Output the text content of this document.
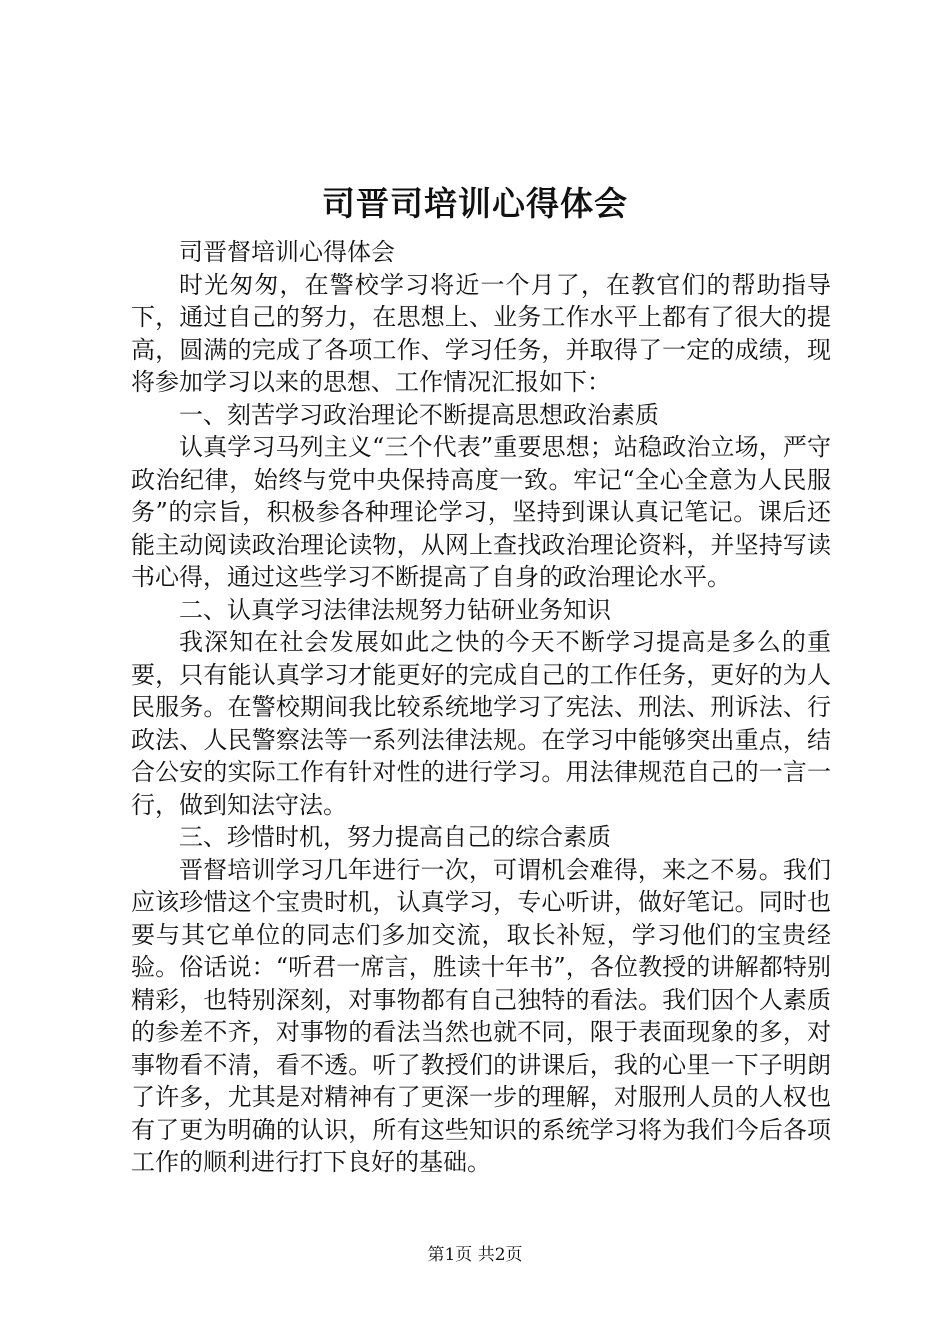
司晋司培训心得体会

司晋督培训心得体会

时光匆匆，在警校学习将近一个月了，在教官们的帮助指导下，通过自己的努力，在思想上、业务工作水平上都有了很大的提高，圆满的完成了各项工作、学习任务，并取得了一定的成绩，现将参加学习以来的思想、工作情况汇报如下：

一、刻苦学习政治理论不断提高思想政治素质

认真学习马列主义“三个代表”重要思想；站稳政治立场，严守政治纪律，始终与党中央保持高度一致。牢记“全心全意为人民服务”的宗旨，积极参各种理论学习，坚持到课认真记笔记。课后还能主动阅读政治理论读物，从网上查找政治理论资料，并坚持写读书心得，通过这些学习不断提高了自身的政治理论水平。

二、认真学习法律法规努力钻研业务知识

我深知在社会发展如此之快的今天不断学习提高是多么的重要，只有能认真学习才能更好的完成自己的工作任务，更好的为人民服务。在警校期间我比较系统地学习了宪法、刑法、刑诉法、行政法、人民警察法等一系列法律法规。在学习中能够突出重点，结合公安的实际工作有针对性的进行学习。用法律规范自己的一言一行，做到知法守法。

三、珍惜时机，努力提高自己的综合素质

晋督培训学习几年进行一次，可谓机会难得，来之不易。我们应该珍惜这个宝贵时机，认真学习，专心听讲，做好笔记。同时也要与其它单位的同志们多加交流，取长补短，学习他们的宝贵经验。俗话说：“听君一席言，胜读十年书”，各位教授的讲解都特别精彩，也特别深刻，对事物都有自己独特的看法。我们因个人素质的参差不齐，对事物的看法当然也就不同，限于表面现象的多，对事物看不清，看不透。听了教授们的讲课后，我的心里一下子明朗了许多，尤其是对精神有了更深一步的理解，对服刑人员的人权也有了更为明确的认识，所有这些知识的系统学习将为我们今后各项工作的顺利进行打下良好的基础。

第1页 共2页
